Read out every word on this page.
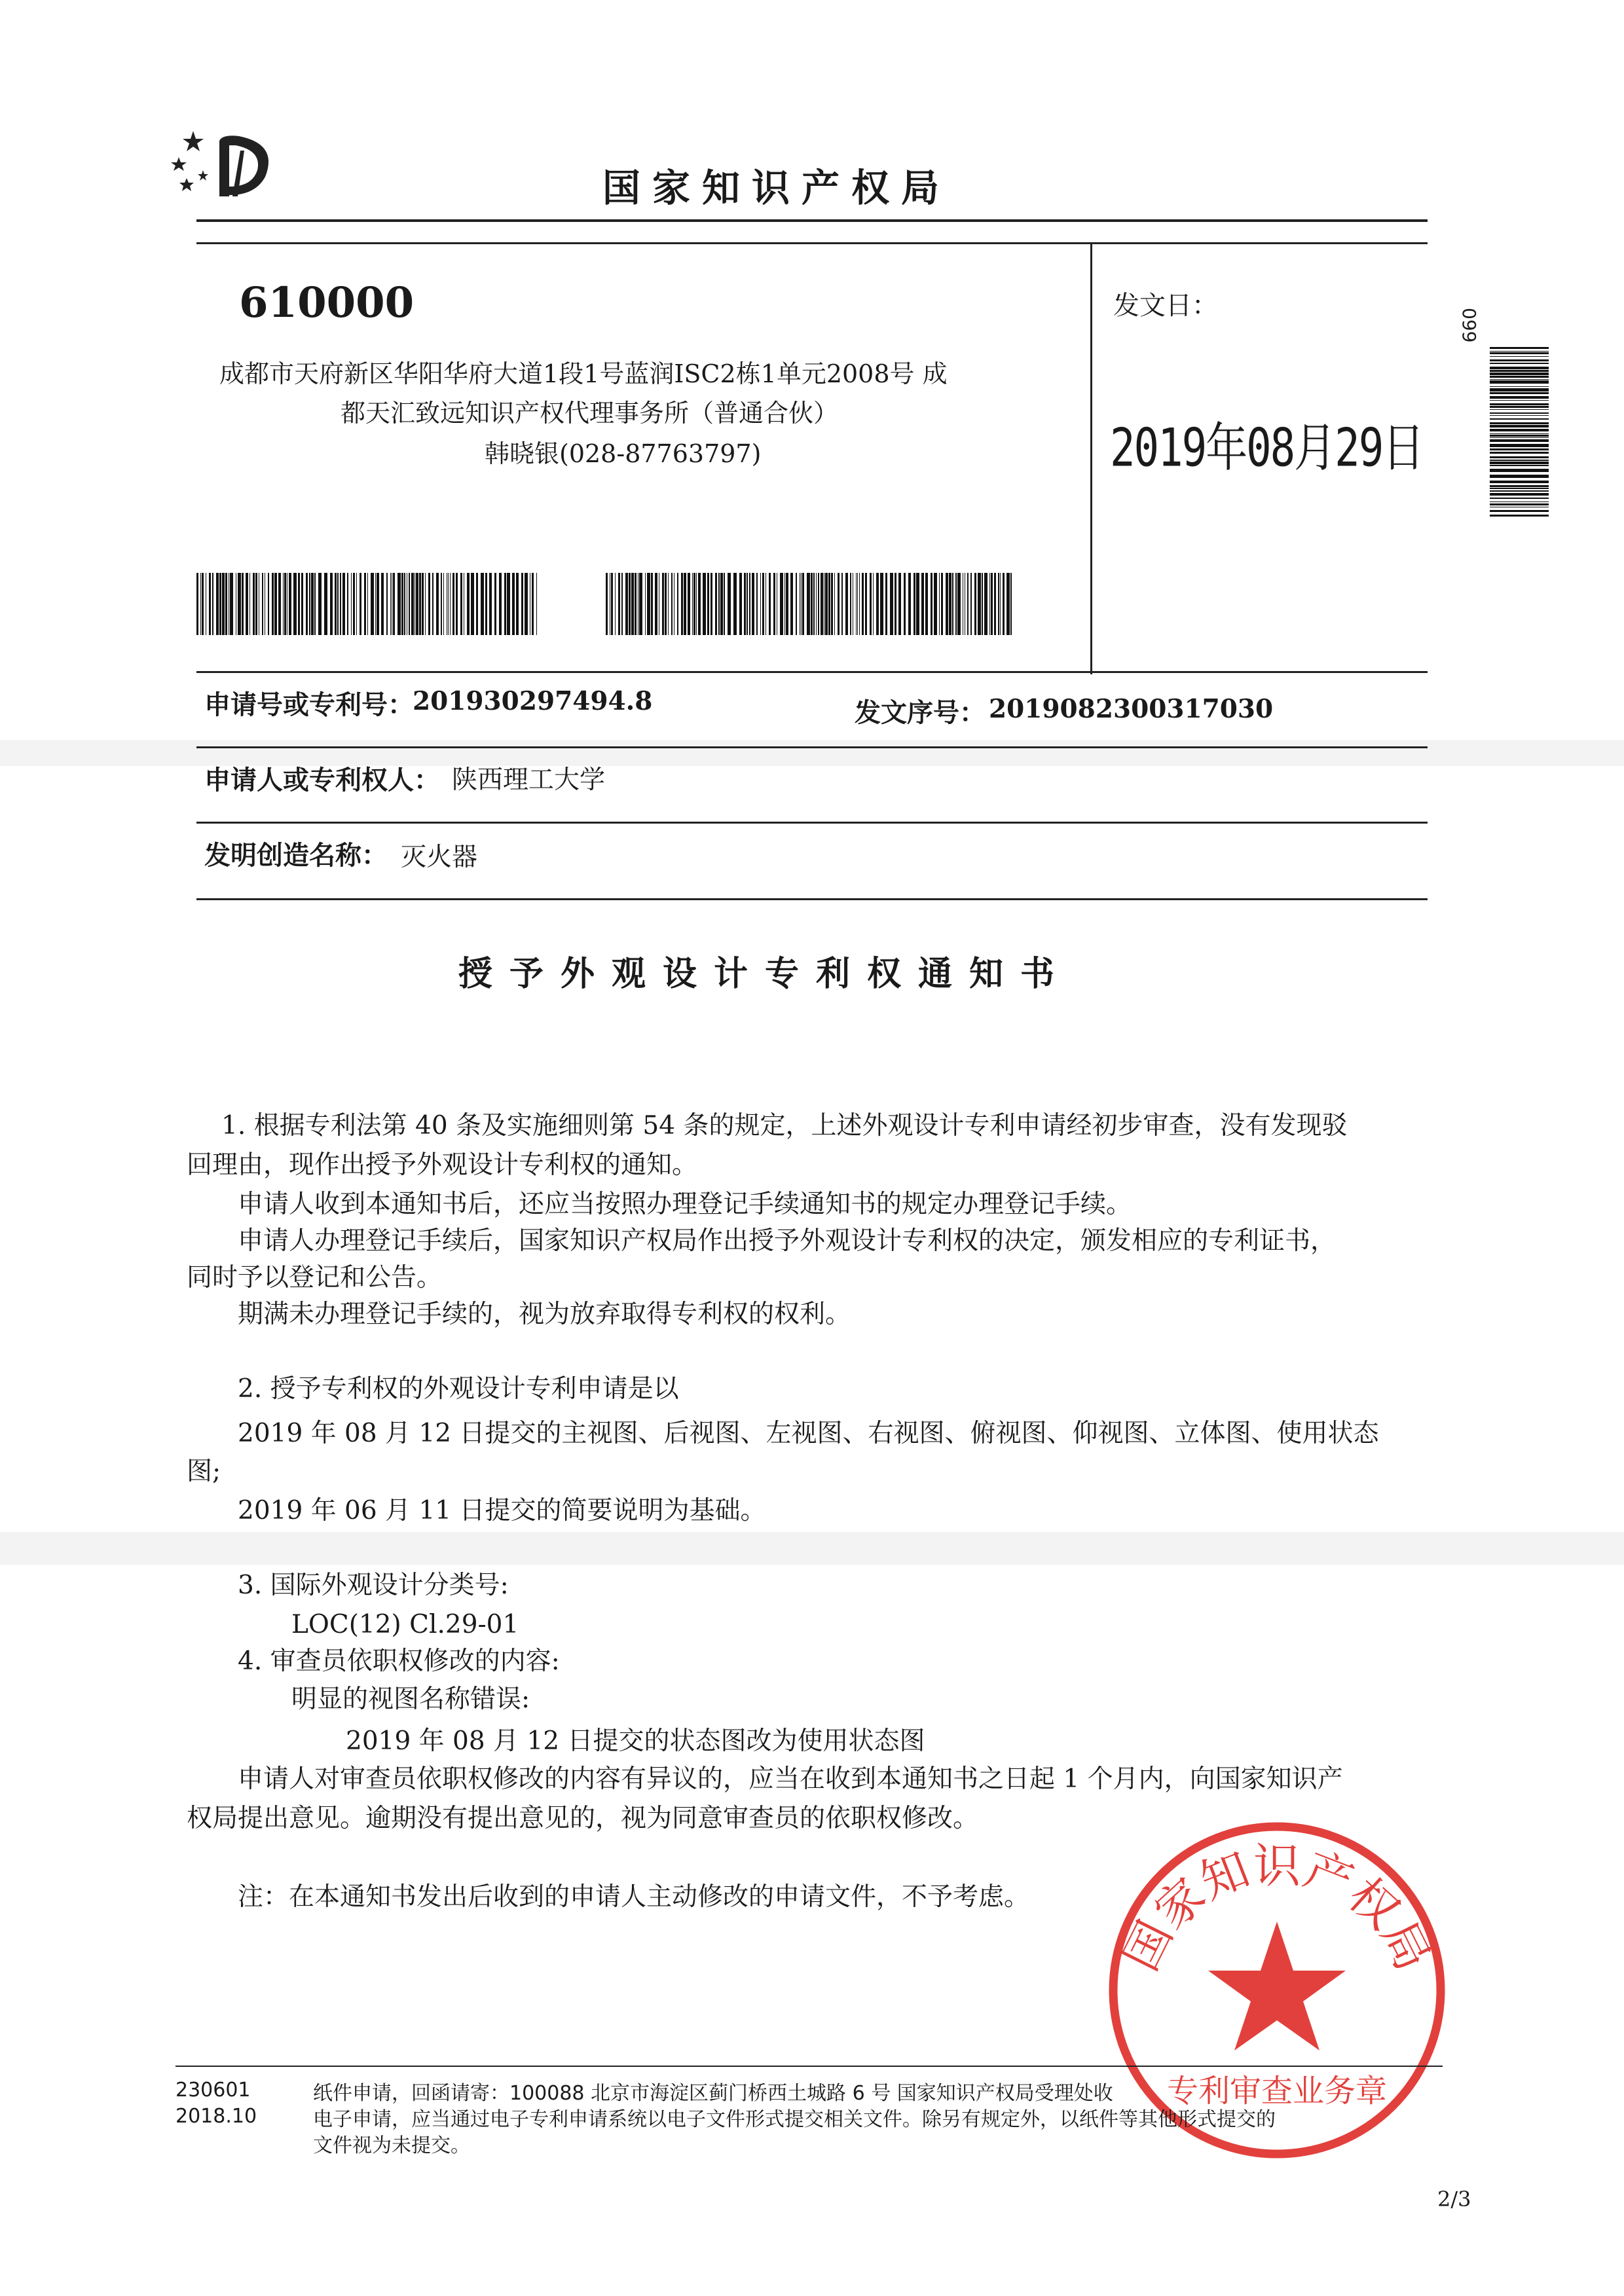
国家知识产权局
610000
成都市天府新区华阳华府大道1段1号蓝润ISC2栋1单元2008号 成
都天汇致远知识产权代理事务所（普通合伙）
韩晓银(028-87763797)
发文日：
2019年08月29日
099
申请号或专利号：
201930297494.8	发文序号： 2019082300317030
申请人或专利权人： 陕西理工大学
发明创造名称： 灭火器
授予外观设计专利权通知书
1. 根据专利法第 40 条及实施细则第 54 条的规定，上述外观设计专利申请经初步审查，没有发现驳
回理由，现作出授予外观设计专利权的通知。
申请人收到本通知书后，还应当按照办理登记手续通知书的规定办理登记手续。
申请人办理登记手续后，国家知识产权局作出授予外观设计专利权的决定，颁发相应的专利证书，
同时予以登记和公告。
期满未办理登记手续的，视为放弃取得专利权的权利。
2. 授予专利权的外观设计专利申请是以
2019 年 08 月 12 日提交的主视图、后视图、左视图、右视图、俯视图、仰视图、立体图、使用状态
图;
2019 年 06 月 11 日提交的简要说明为基础。
3. 国际外观设计分类号:
LOC(12) Cl.29-01
4. 审查员依职权修改的内容:
明显的视图名称错误:
2019 年 08 月 12 日提交的状态图改为使用状态图
申请人对审查员依职权修改的内容有异议的，应当在收到本通知书之日起 1 个月内，向国家知识产
权局提出意见。逾期没有提出意见的，视为同意审查员的依职权修改。
注：在本通知书发出后收到的申请人主动修改的申请文件，不予考虑。
国家知识产权局
专利审查业务章
230601
2018.10
纸件申请，回函请寄：100088 北京市海淀区蓟门桥西土城路 6 号 国家知识产权局受理处收
电子申请，应当通过电子专利申请系统以电子文件形式提交相关文件。除另有规定外，以纸件等其他形式提交的
文件视为未提交。
2/3
